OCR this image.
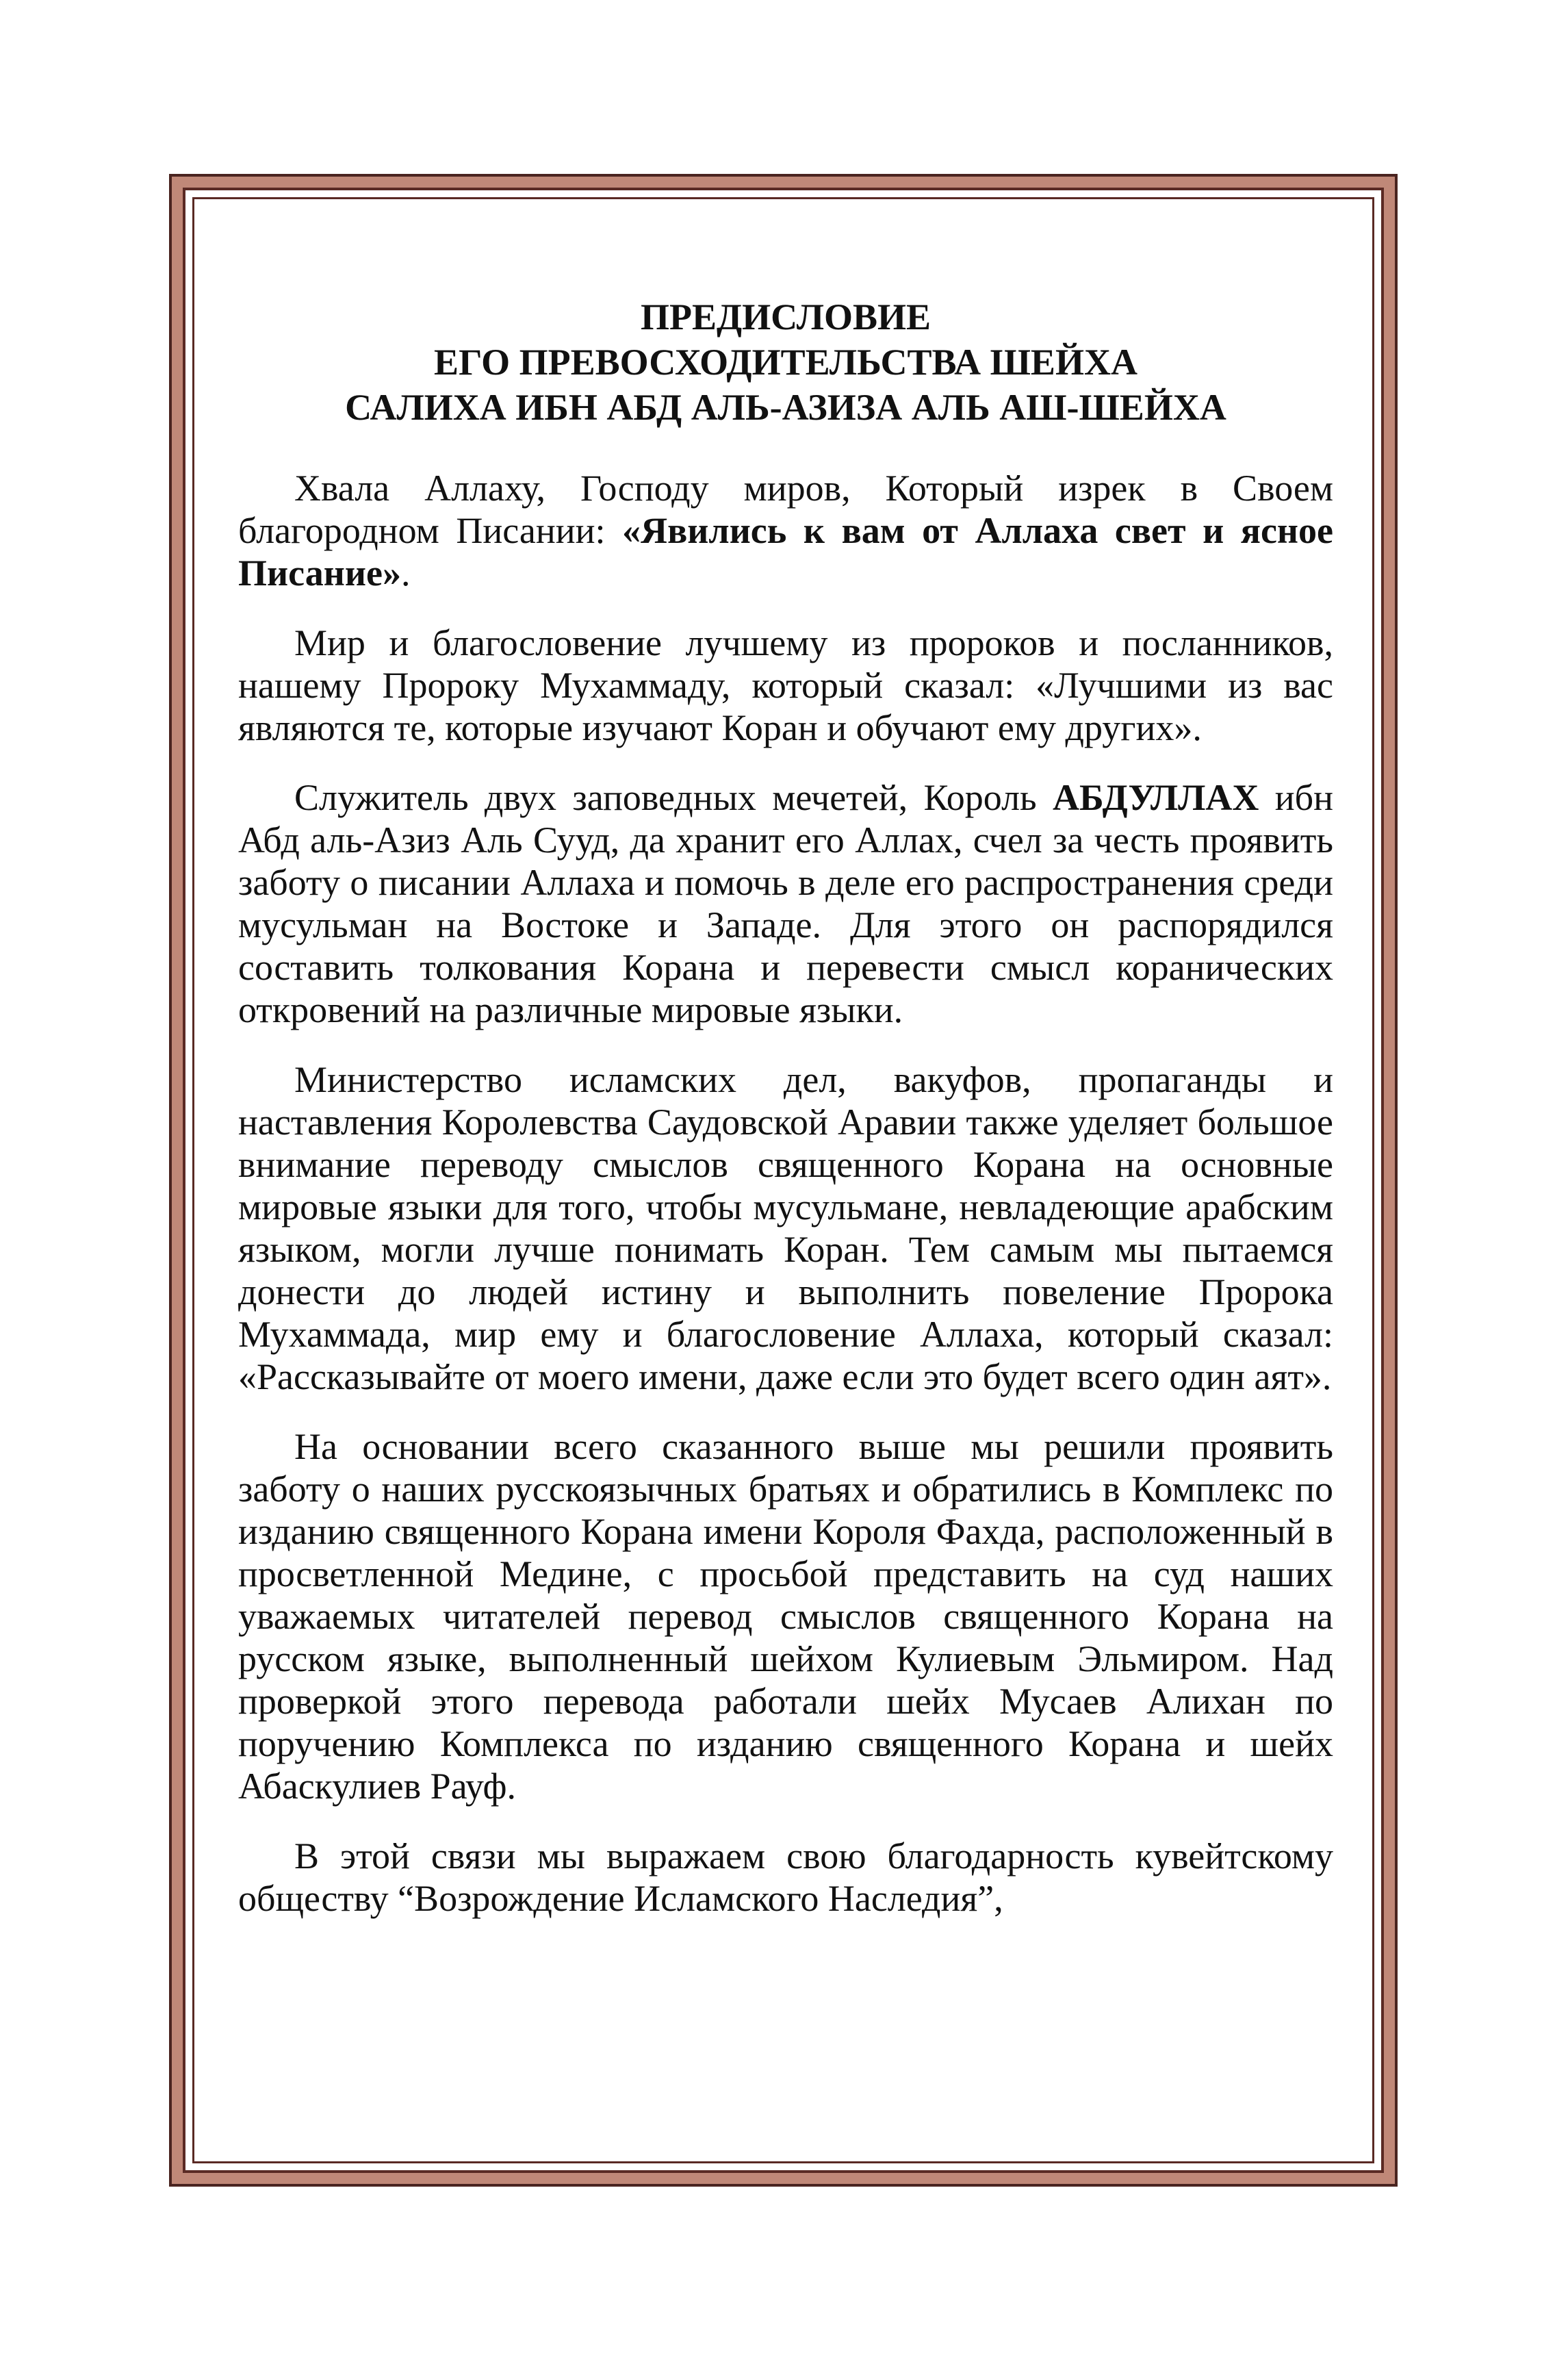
ПРЕДИСЛОВИЕ
ЕГО ПРЕВОСХОДИТЕЛЬСТВА ШЕЙХА
САЛИХА ИБН АБД АЛЬ-АЗИЗА АЛЬ АШ-ШЕЙХА

Хвала Аллаху, Господу миров, Который изрек в Своем благородном Писании: «Явились к вам от Аллаха свет и ясное Писание».

Мир и благословение лучшему из пророков и посланников, нашему Пророку Мухаммаду, который сказал: «Лучшими из вас являются те, которые изучают Коран и обучают ему других».

Служитель двух заповедных мечетей, Король АБДУЛЛАХ ибн Абд аль-Азиз Аль Сууд, да хранит его Аллах, счел за честь проявить заботу о писании Аллаха и помочь в деле его распространения среди мусульман на Востоке и Западе. Для этого он распорядился составить толкования Корана и перевести смысл коранических откровений на различные мировые языки.

Министерство исламских дел, вакуфов, пропаганды и наставления Королевства Саудовской Аравии также уделяет большое внимание переводу смыслов священного Корана на основные мировые языки для того, чтобы мусульмане, невладеющие арабским языком, могли лучше понимать Коран. Тем самым мы пытаемся донести до людей истину и выполнить повеление Пророка Мухаммада, мир ему и благословение Аллаха, который сказал: «Рассказывайте от моего имени, даже если это будет всего один аят».

На основании всего сказанного выше мы решили проявить заботу о наших русскоязычных братьях и обратились в Комплекс по изданию священного Корана имени Короля Фахда, расположенный в просветленной Медине, с просьбой представить на суд наших уважаемых читателей перевод смыслов священного Корана на русском языке, выполненный шейхом Кулиевым Эльмиром. Над проверкой этого перевода работали шейх Мусаев Алихан по поручению Комплекса по изданию священного Корана и шейх Абаскулиев Рауф.

В этой связи мы выражаем свою благодарность кувейтскому обществу “Возрождение Исламского Наследия”,
